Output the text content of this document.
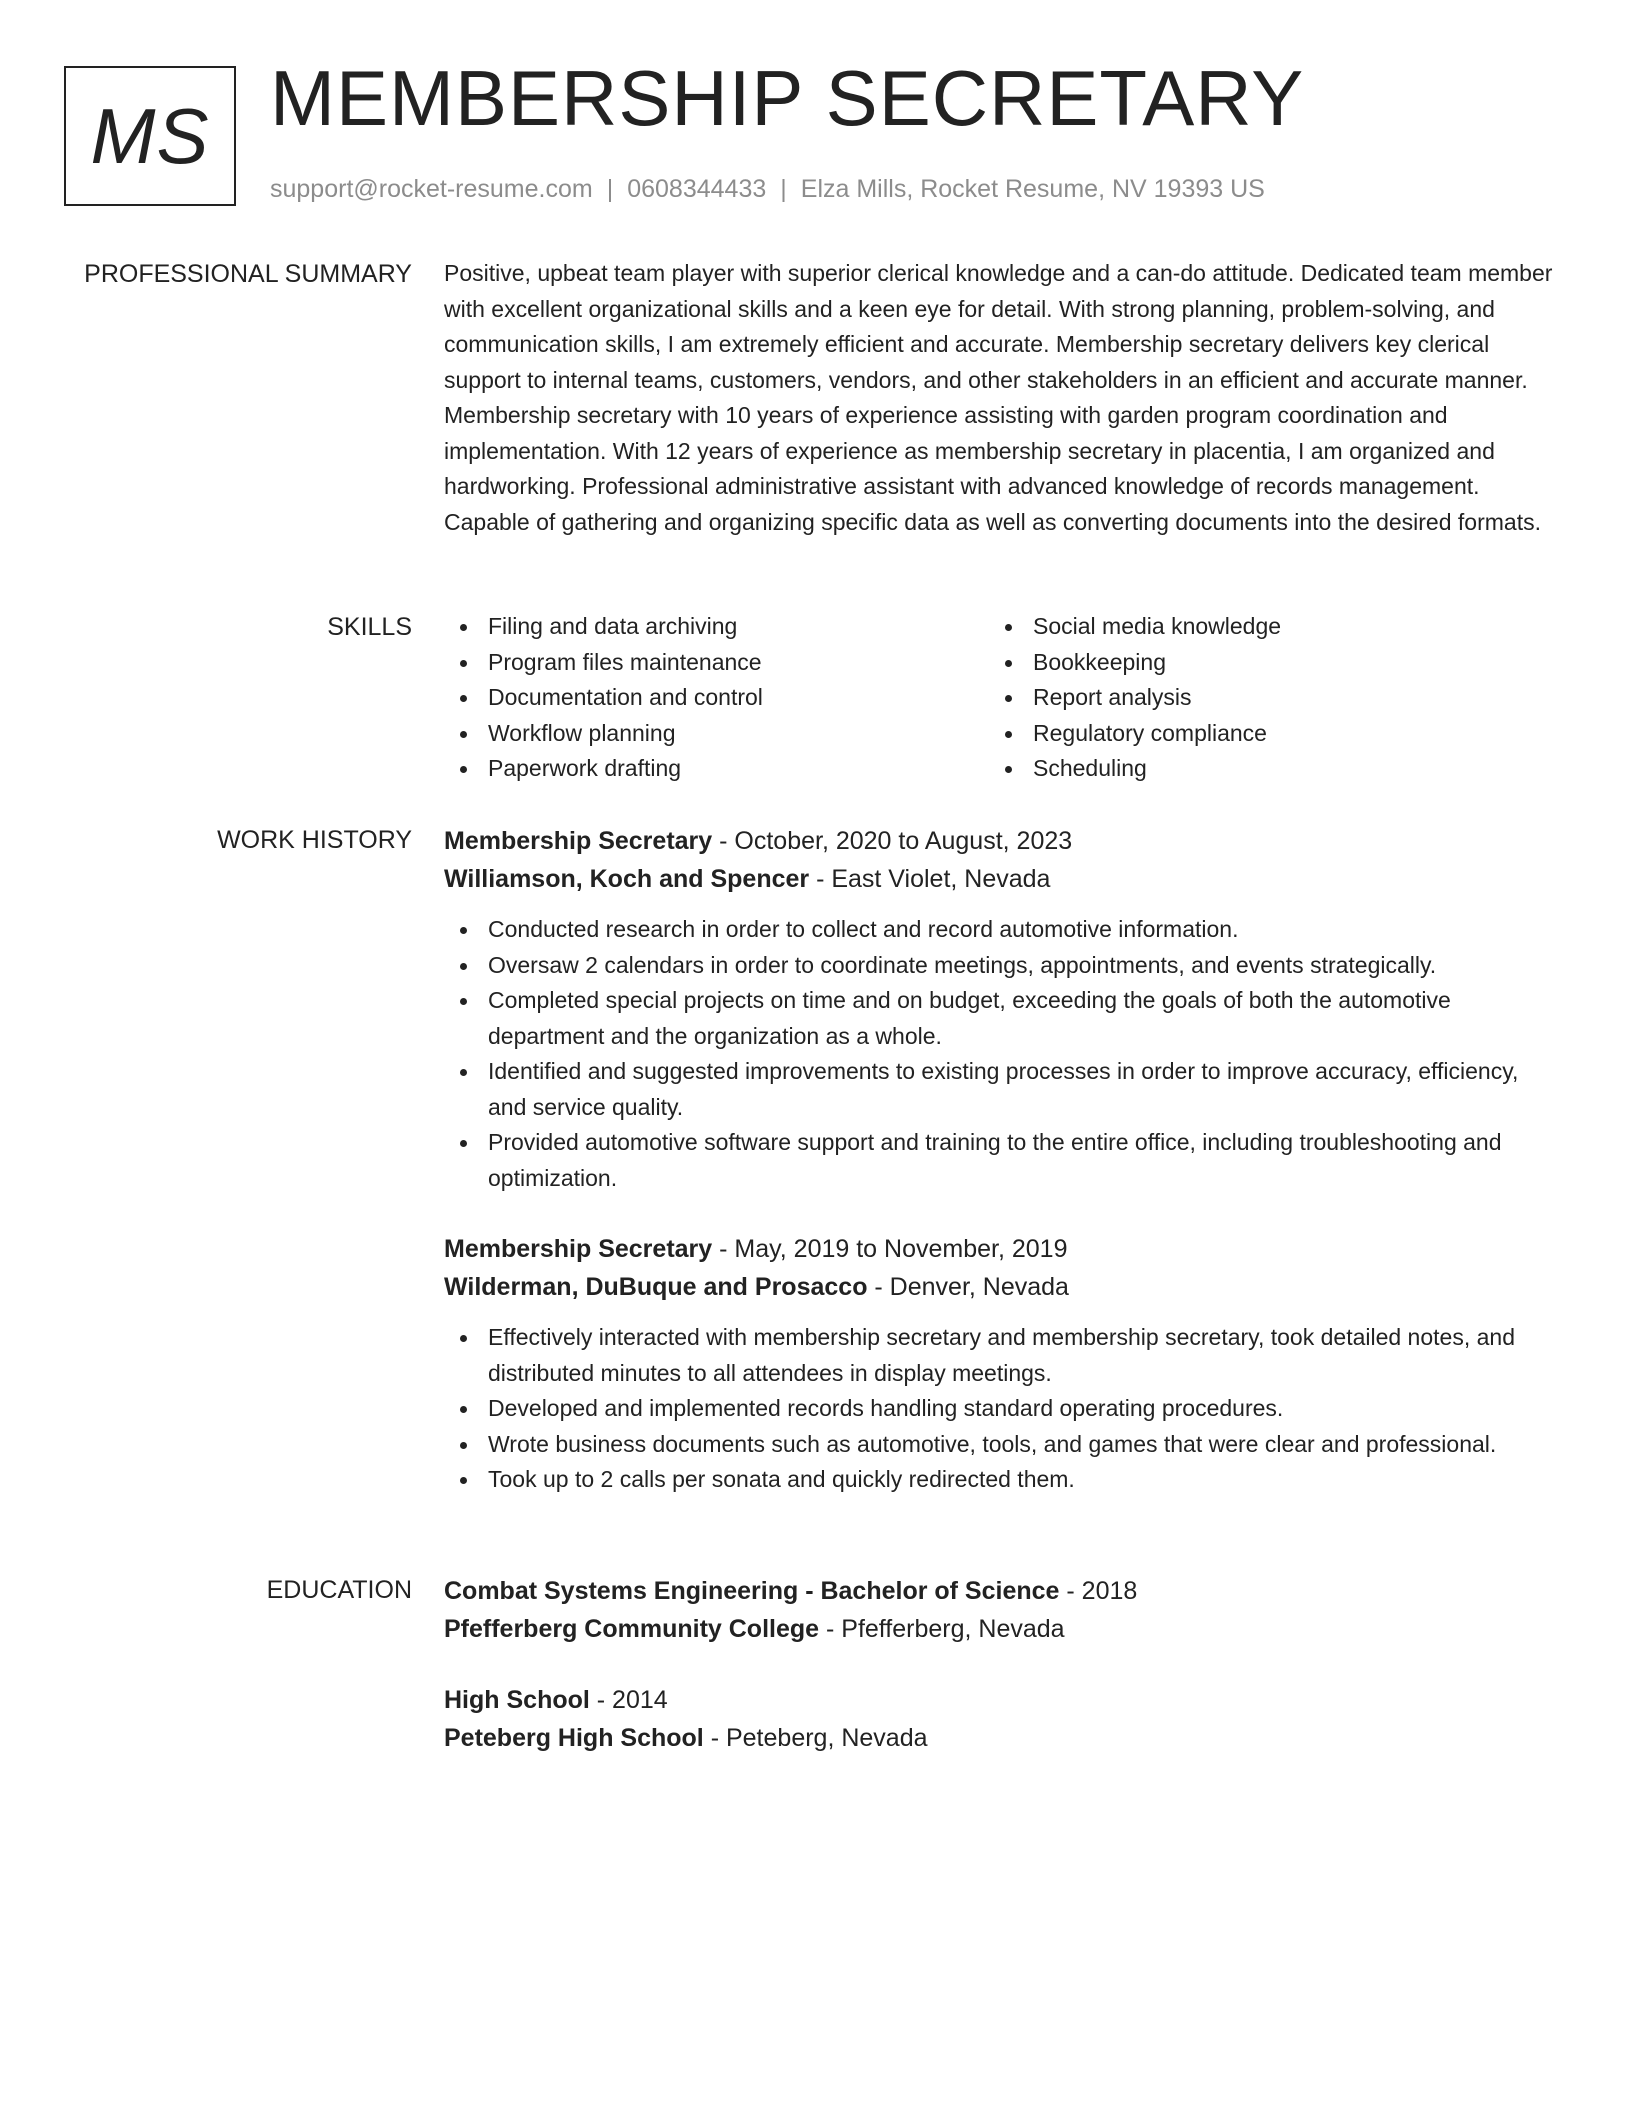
MS MEMBERSHIP SECRETARY
support@rocket-resume.com | 0608344433 | Elza Mills, Rocket Resume, NV 19393 US
PROFESSIONAL SUMMARY Positive, upbeat team player with superior clerical knowledge and a can-do attitude. Dedicated team member with excellent organizational skills and a keen eye for detail. With strong planning, problem-solving, and communication skills, I am extremely efficient and accurate. Membership secretary delivers key clerical support to internal teams, customers, vendors, and other stakeholders in an efficient and accurate manner. Membership secretary with 10 years of experience assisting with garden program coordination and implementation. With 12 years of experience as membership secretary in placentia, I am organized and hardworking. Professional administrative assistant with advanced knowledge of records management. Capable of gathering and organizing specific data as well as converting documents into the desired formats.

SKILLS	Filing and data archiving
Program files maintenance
Documentation and control
Workflow planning
Paperwork drafting
Social media knowledge
Bookkeeping
Report analysis
Regulatory compliance
Scheduling
WORK HISTORY Membership Secretary - October, 2020 to August, 2023
Williamson, Koch and Spencer - East Violet, Nevada
Conducted research in order to collect and record automotive information.
Oversaw 2 calendars in order to coordinate meetings, appointments, and events strategically.
Completed special projects on time and on budget, exceeding the goals of both the automotive department and the organization as a whole.
Identified and suggested improvements to existing processes in order to improve accuracy, efficiency, and service quality.
Provided automotive software support and training to the entire office, including troubleshooting and optimization.
Membership Secretary - May, 2019 to November, 2019
Wilderman, DuBuque and Prosacco - Denver, Nevada
Effectively interacted with membership secretary and membership secretary, took detailed notes, and distributed minutes to all attendees in display meetings.
Developed and implemented records handling standard operating procedures.
Wrote business documents such as automotive, tools, and games that were clear and professional.
Took up to 2 calls per sonata and quickly redirected them.
EDUCATION Combat Systems Engineering - Bachelor of Science - 2018
Pfefferberg Community College - Pfefferberg, Nevada
High School - 2014
Peteberg High School - Peteberg, Nevada
